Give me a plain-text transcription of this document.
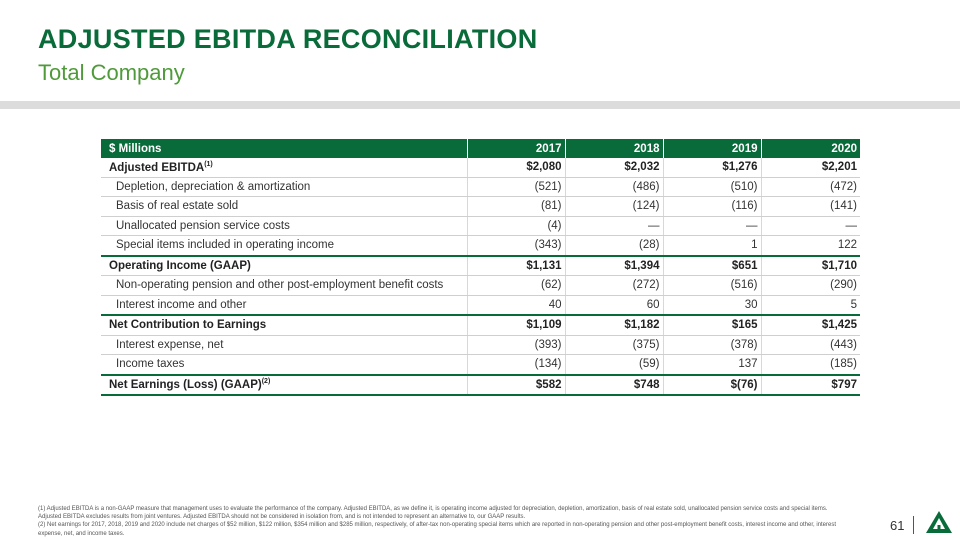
ADJUSTED EBITDA RECONCILIATION
Total Company
$ Millions	2017	2018	2019	2020
Adjusted EBITDA$^{(1)}$	$2,080	$2,032	$1,276	$2,201
Depletion, depreciation & amortization	(521)	(486)	(510)	(472)
Basis of real estate sold	(81)	(124)	(116)	(141)
Unallocated pension service costs	(4)	—	—	—
Special items included in operating income	(343)	(28)	1	122
Operating Income (GAAP)	$1,131	$1,394	$651	$1,710
Non-operating pension and other post-employment benefit costs	(62)	(272)	(516)	(290)
Interest income and other	40	60	30	5
Net Contribution to Earnings	$1,109	$1,182	$165	$1,425
Interest expense, net	(393)	(375)	(378)	(443)
Income taxes	(134)	(59)	137	(185)
Net Earnings (Loss) (GAAP)$^{(2)}$	$582	$748	$(76)	$797
(1) Adjusted EBITDA is a non-GAAP measure that management uses to evaluate the performance of the company. Adjusted EBITDA, as we define it, is operating income adjusted for depreciation, depletion, amortization, basis of real estate sold, unallocated pension service costs and special items. Adjusted EBITDA excludes results from joint ventures. Adjusted EBITDA should not be considered in isolation from, and is not intended to represent an alternative to, our GAAP results.
(2) Net earnings for 2017, 2018, 2019 and 2020 include net charges of $52 million, $122 million, $354 million and $285 million, respectively, of after-tax non-operating special items which are reported in non-operating pension and other post-employment benefit costs, interest income and other, interest expense, net, and income taxes.
61
